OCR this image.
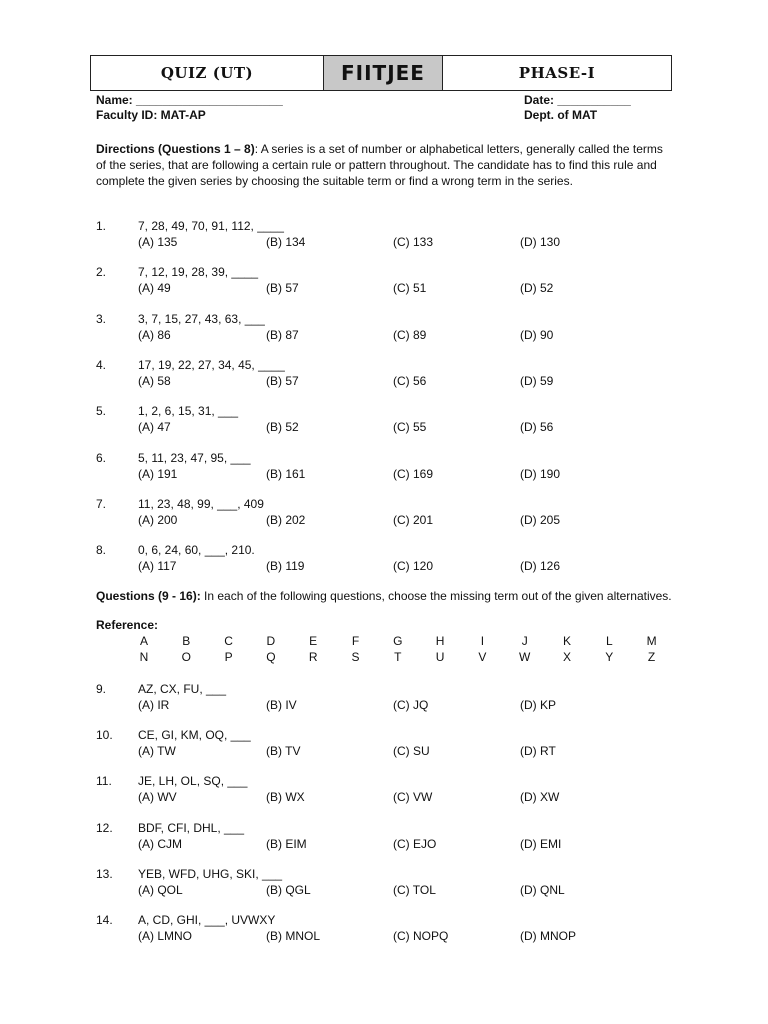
QUIZ (UT)	FIITJEE	PHASE-I
Name: ______________________
Faculty ID: MAT-AP
Date: ___________
Dept. of MAT
Directions (Questions 1 – 8): A series is a set of number or alphabetical letters, generally called the terms of the series, that are following a certain rule or pattern throughout. The candidate has to find this rule and complete the given series by choosing the suitable term or find a wrong term in the series.
1.	7, 28, 49, 70, 91, 112, ____
(A) 135	(B) 134	(C) 133	(D) 130
2.	7, 12, 19, 28, 39, ____
(A) 49	(B) 57	(C) 51	(D) 52
3.	3, 7, 15, 27, 43, 63, ___
(A) 86	(B) 87	(C) 89	(D) 90
4.	17, 19, 22, 27, 34, 45, ____
(A) 58	(B) 57	(C) 56	(D) 59
5.	1, 2, 6, 15, 31, ___
(A) 47	(B) 52	(C) 55	(D) 56
6.	5, 11, 23, 47, 95, ___
(A) 191	(B) 161	(C) 169	(D) 190
7.	11, 23, 48, 99, ___, 409
(A) 200	(B) 202	(C) 201	(D) 205
8.	0, 6, 24, 60, ___, 210.
(A) 117	(B) 119	(C) 120	(D) 126
Questions (9 - 16): In each of the following questions, choose the missing term out of the given alternatives.
Reference:
A	B	C	D	E	F	G	H	I	J	K	L	M
N	O	P	Q	R	S	T	U	V	W	X	Y	Z
9.	AZ, CX, FU, ___
(A) IR	(B) IV	(C) JQ	(D) KP
10. CE, GI, KM, OQ, ___
(A) TW	(B) TV	(C) SU	(D) RT
11. JE, LH, OL, SQ, ___
(A) WV	(B) WX	(C) VW	(D) XW
12. BDF, CFI, DHL, ___
(A) CJM	(B) EIM	(C) EJO	(D) EMI
13. YEB, WFD, UHG, SKI, ___
(A) QOL	(B) QGL	(C) TOL	(D) QNL
14. A, CD, GHI, ___, UVWXY
(A) LMNO	(B) MNOL	(C) NOPQ	(D) MNOP
